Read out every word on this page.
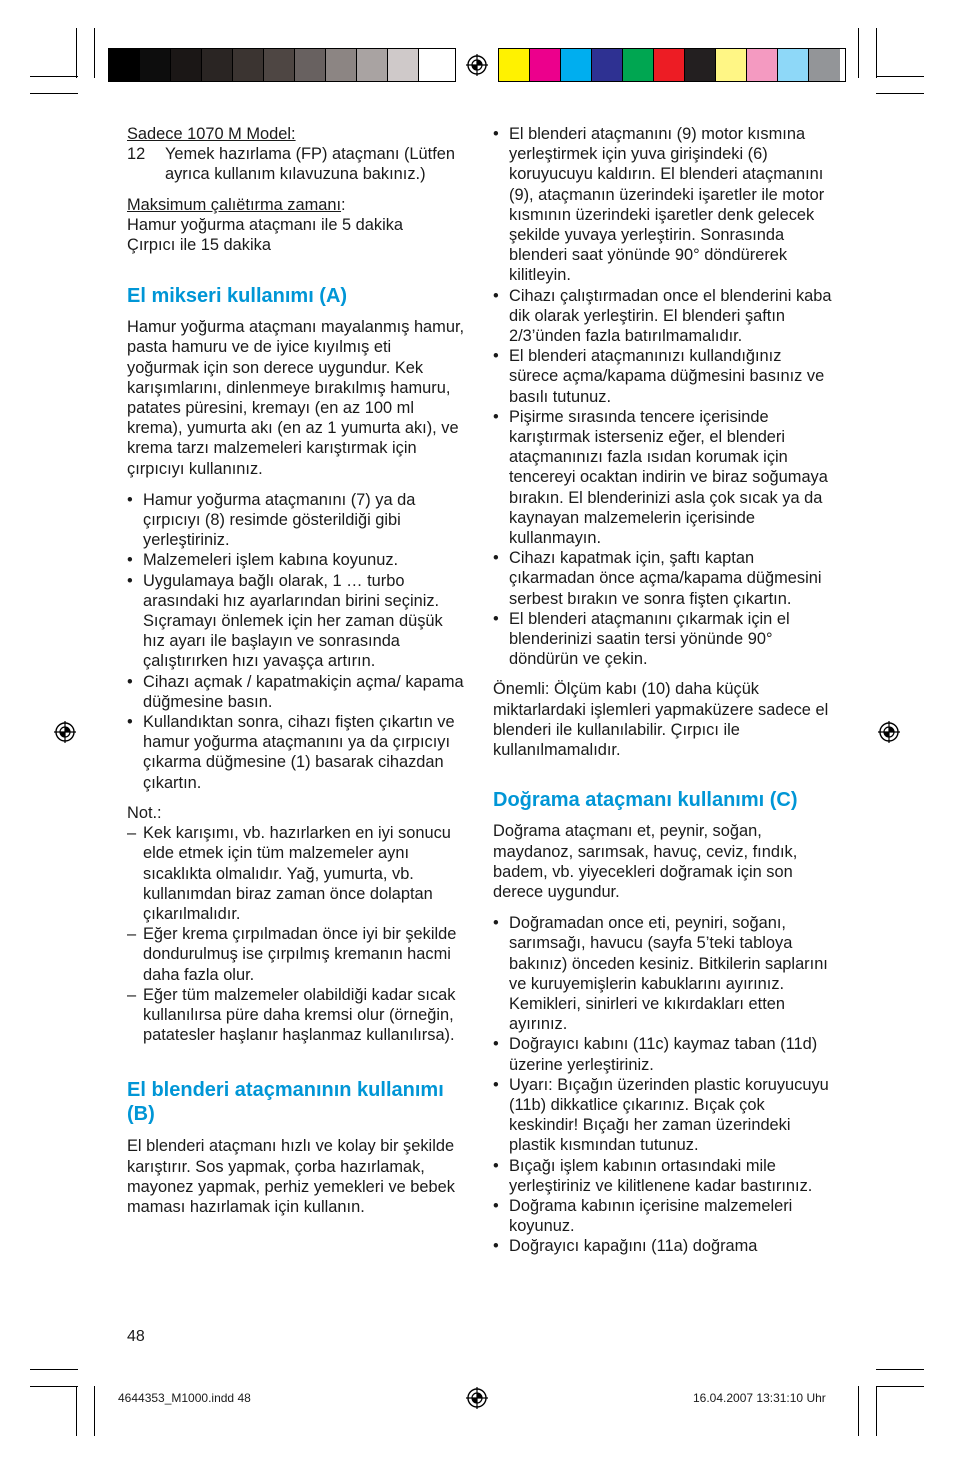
Sadece 1070 M Model:

12	Yemek hazırlama (FP) ataçmanı (Lütfen ayrıca kullanım kılavuzuna bakınız.)

Maksimum çalıëtırma zamanı:

Hamur yoğurma ataçmanı ile 5 dakika

Çırpıcı ile 15 dakika

El mikseri kullanımı (A)

Hamur yoğurma ataçmanı mayalanmış hamur, pasta hamuru ve de iyice kıyılmış eti yoğurmak için son derece uygundur. Kek karışımlarını, dinlenmeye bırakılmış hamuru, patates püresini, kremayı (en az 100 ml krema), yumurta akı (en az 1 yumurta akı), ve krema tarzı malzemeleri karıştırmak için çırpıcıyı kullanınız.

• Hamur yoğurma ataçmanını (7) ya da çırpıcıyı (8) resimde gösterildiği gibi yerleştiriniz.
• Malzemeleri işlem kabına koyunuz.
• Uygulamaya bağlı olarak, 1 … turbo arasındaki hız ayarlarından birini seçiniz. Sıçramayı önlemek için her zaman düşük hız ayarı ile başlayın ve sonrasında çalıştırırken hızı yavaşça artırın.
• Cihazı açmak / kapatmakiçin açma/ kapama düğmesine basın.
• Kullandıktan sonra, cihazı fişten çıkartın ve hamur yoğurma ataçmanını ya da çırpıcıyı çıkarma düğmesine (1) basarak cihazdan çıkartın.

Not.:

– Kek karışımı, vb. hazırlarken en iyi sonucu elde etmek için tüm malzemeler aynı sıcaklıkta olmalıdır. Yağ, yumurta, vb. kullanımdan biraz zaman önce dolaptan çıkarılmalıdır.
– Eğer krema çırpılmadan önce iyi bir şekilde dondurulmuş ise çırpılmış kremanın hacmi daha fazla olur.
– Eğer tüm malzemeler olabildiği kadar sıcak kullanılırsa püre daha kremsi olur (örneğin, patatesler haşlanır haşlanmaz kullanılırsa).
El blenderi ataçmanının kullanımı (B)

El blenderi ataçmanı hızlı ve kolay bir şekilde karıştırır. Sos yapmak, çorba hazırlamak, mayonez yapmak, perhiz yemekleri ve bebek maması hazırlamak için kullanın.

48
• El blenderi ataçmanını (9) motor kısmına yerleştirmek için yuva girişindeki (6) koruyucuyu kaldırın. El blenderi ataçmanını (9), ataçmanın üzerindeki işaretler ile motor kısmının üzerindeki işaretler denk gelecek şekilde yuvaya yerleştirin. Sonrasında blenderi saat yönünde 90° döndürerek kilitleyin.
• Cihazı çalıştırmadan once el blenderini kaba dik olarak yerleştirin. El blenderi şaftın 2/3’ünden fazla batırılmamalıdır.
• El blenderi ataçmanınızı kullandığınız sürece açma/kapama düğmesini basınız ve basılı tutunuz.
• Pişirme sırasında tencere içerisinde karıştırmak isterseniz eğer, el blenderi ataçmanınızı fazla ısıdan korumak için tencereyi ocaktan indirin ve biraz soğumaya bırakın. El blenderinizi asla çok sıcak ya da kaynayan malzemelerin içerisinde kullanmayın.
• Cihazı kapatmak için, şaftı kaptan çıkarmadan önce açma/kapama düğmesini serbest bırakın ve sonra fişten çıkartın.
• El blenderi ataçmanını çıkarmak için el blenderinizi saatin tersi yönünde 90° döndürün ve çekin.

Önemli: Ölçüm kabı (10) daha küçük miktarlardaki işlemleri yapmaküzere sadece el blenderi ile kullanılabilir. Çırpıcı ile kullanılmamalıdır.

Doğrama ataçmanı kullanımı (C)

Doğrama ataçmanı et, peynir, soğan, maydanoz, sarımsak, havuç, ceviz, fındık, badem, vb. yiyecekleri doğramak için son derece uygundur.

• Doğramadan once eti, peyniri, soğanı, sarımsağı, havucu (sayfa 5’teki tabloya bakınız) önceden kesiniz. Bitkilerin saplarını ve kuruyemişlerin kabuklarını ayırınız. Kemikleri, sinirleri ve kıkırdakları etten ayırınız.
• Doğrayıcı kabını (11c) kaymaz taban (11d) üzerine yerleştiriniz.
• Uyarı: Bıçağın üzerinden plastic koruyucuyu (11b) dikkatlice çıkarınız. Bıçak çok keskindir! Bıçağı her zaman üzerindeki plastik kısmından tutunuz.
• Bıçağı işlem kabının ortasındaki mile yerleştiriniz ve kilitlenene kadar bastırınız.
• Doğrama kabının içerisine malzemeleri koyunuz.
• Doğrayıcı kapağını (11a) doğrama
4644353_M1000.indd 48	16.04.2007 13:31:10 Uhr
